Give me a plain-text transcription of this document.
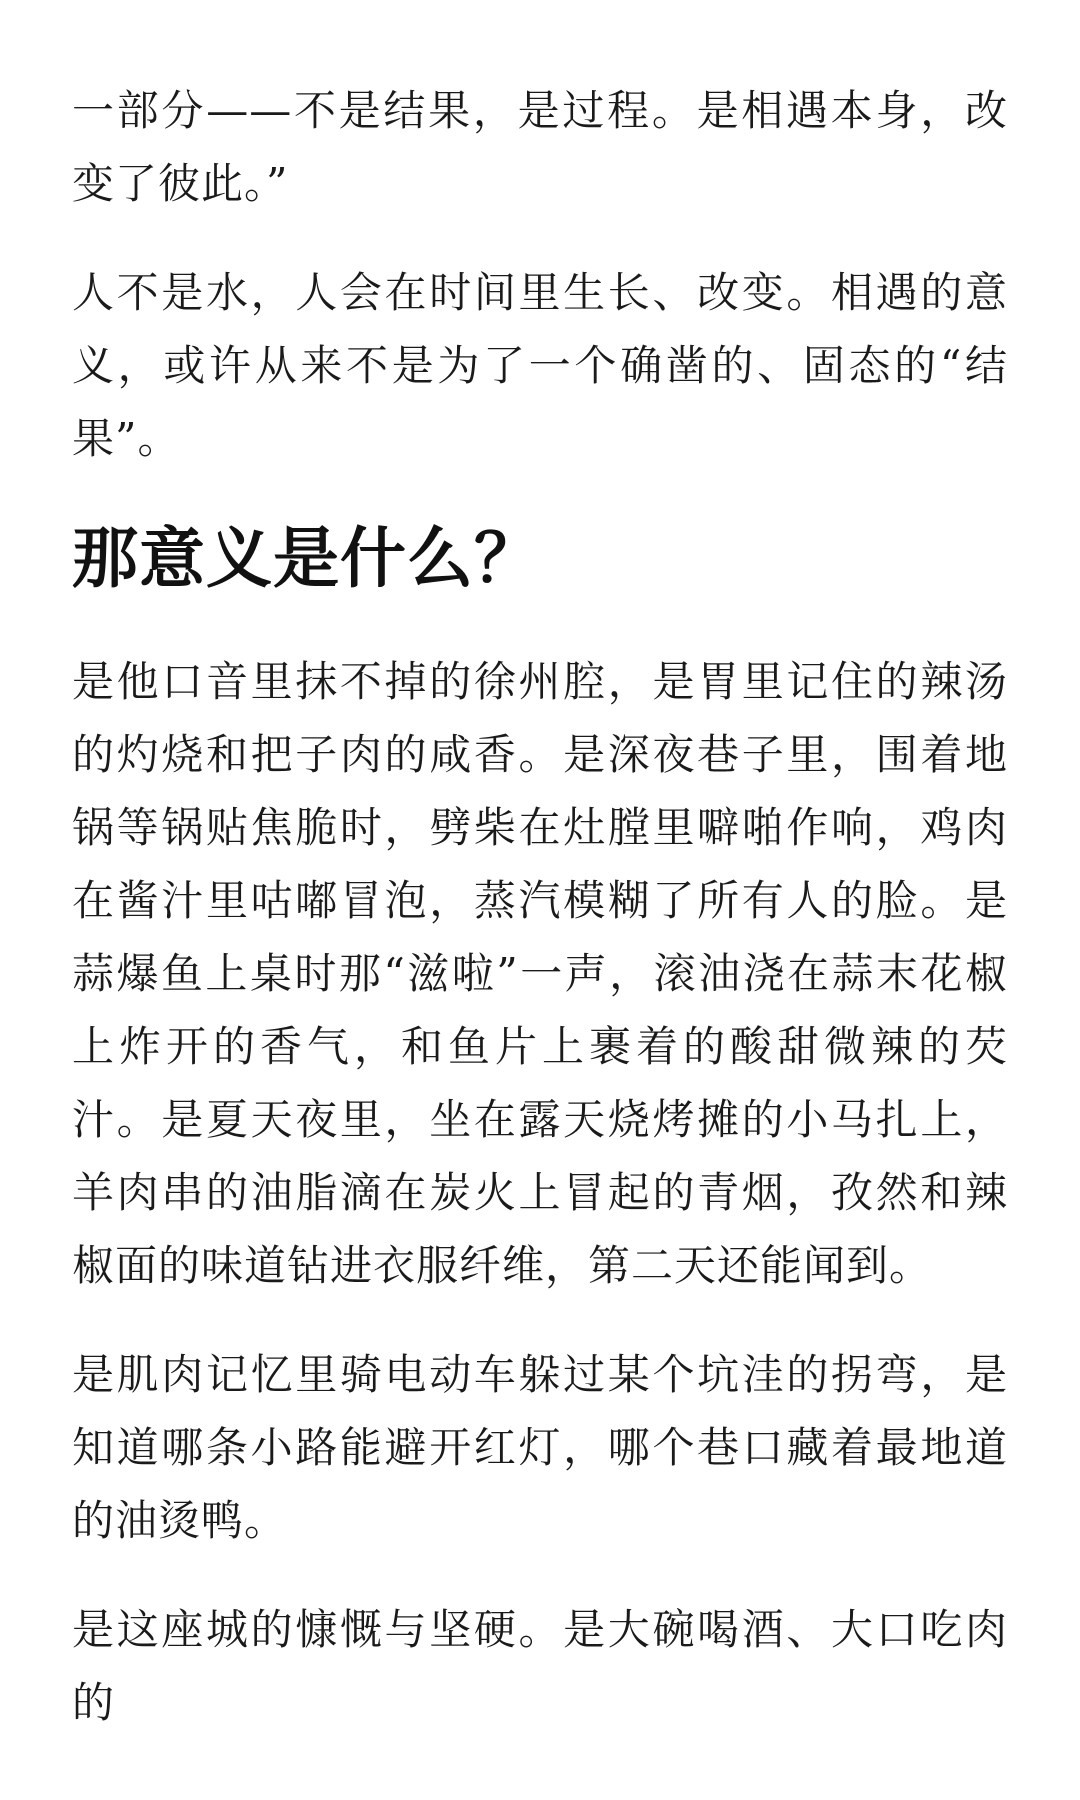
一部分——不是结果，是过程。是相遇本身，改变了彼此。”

人不是水，人会在时间里生长、改变。相遇的意义，或许从来不是为了一个确凿的、固态的“结果”。

那意义是什么？

是他口音里抹不掉的徐州腔，是胃里记住的辣汤的灼烧和把子肉的咸香。是深夜巷子里，围着地锅等锅贴焦脆时，劈柴在灶膛里噼啪作响，鸡肉在酱汁里咕嘟冒泡，蒸汽模糊了所有人的脸。是蒜爆鱼上桌时那“滋啦”一声，滚油浇在蒜末花椒上炸开的香气，和鱼片上裹着的酸甜微辣的芡汁。是夏天夜里，坐在露天烧烤摊的小马扎上，羊肉串的油脂滴在炭火上冒起的青烟，孜然和辣椒面的味道钻进衣服纤维，第二天还能闻到。

是肌肉记忆里骑电动车躲过某个坑洼的拐弯，是知道哪条小路能避开红灯，哪个巷口藏着最地道的油烫鸭。

是这座城的慷慨与坚硬。是大碗喝酒、大口吃肉的
